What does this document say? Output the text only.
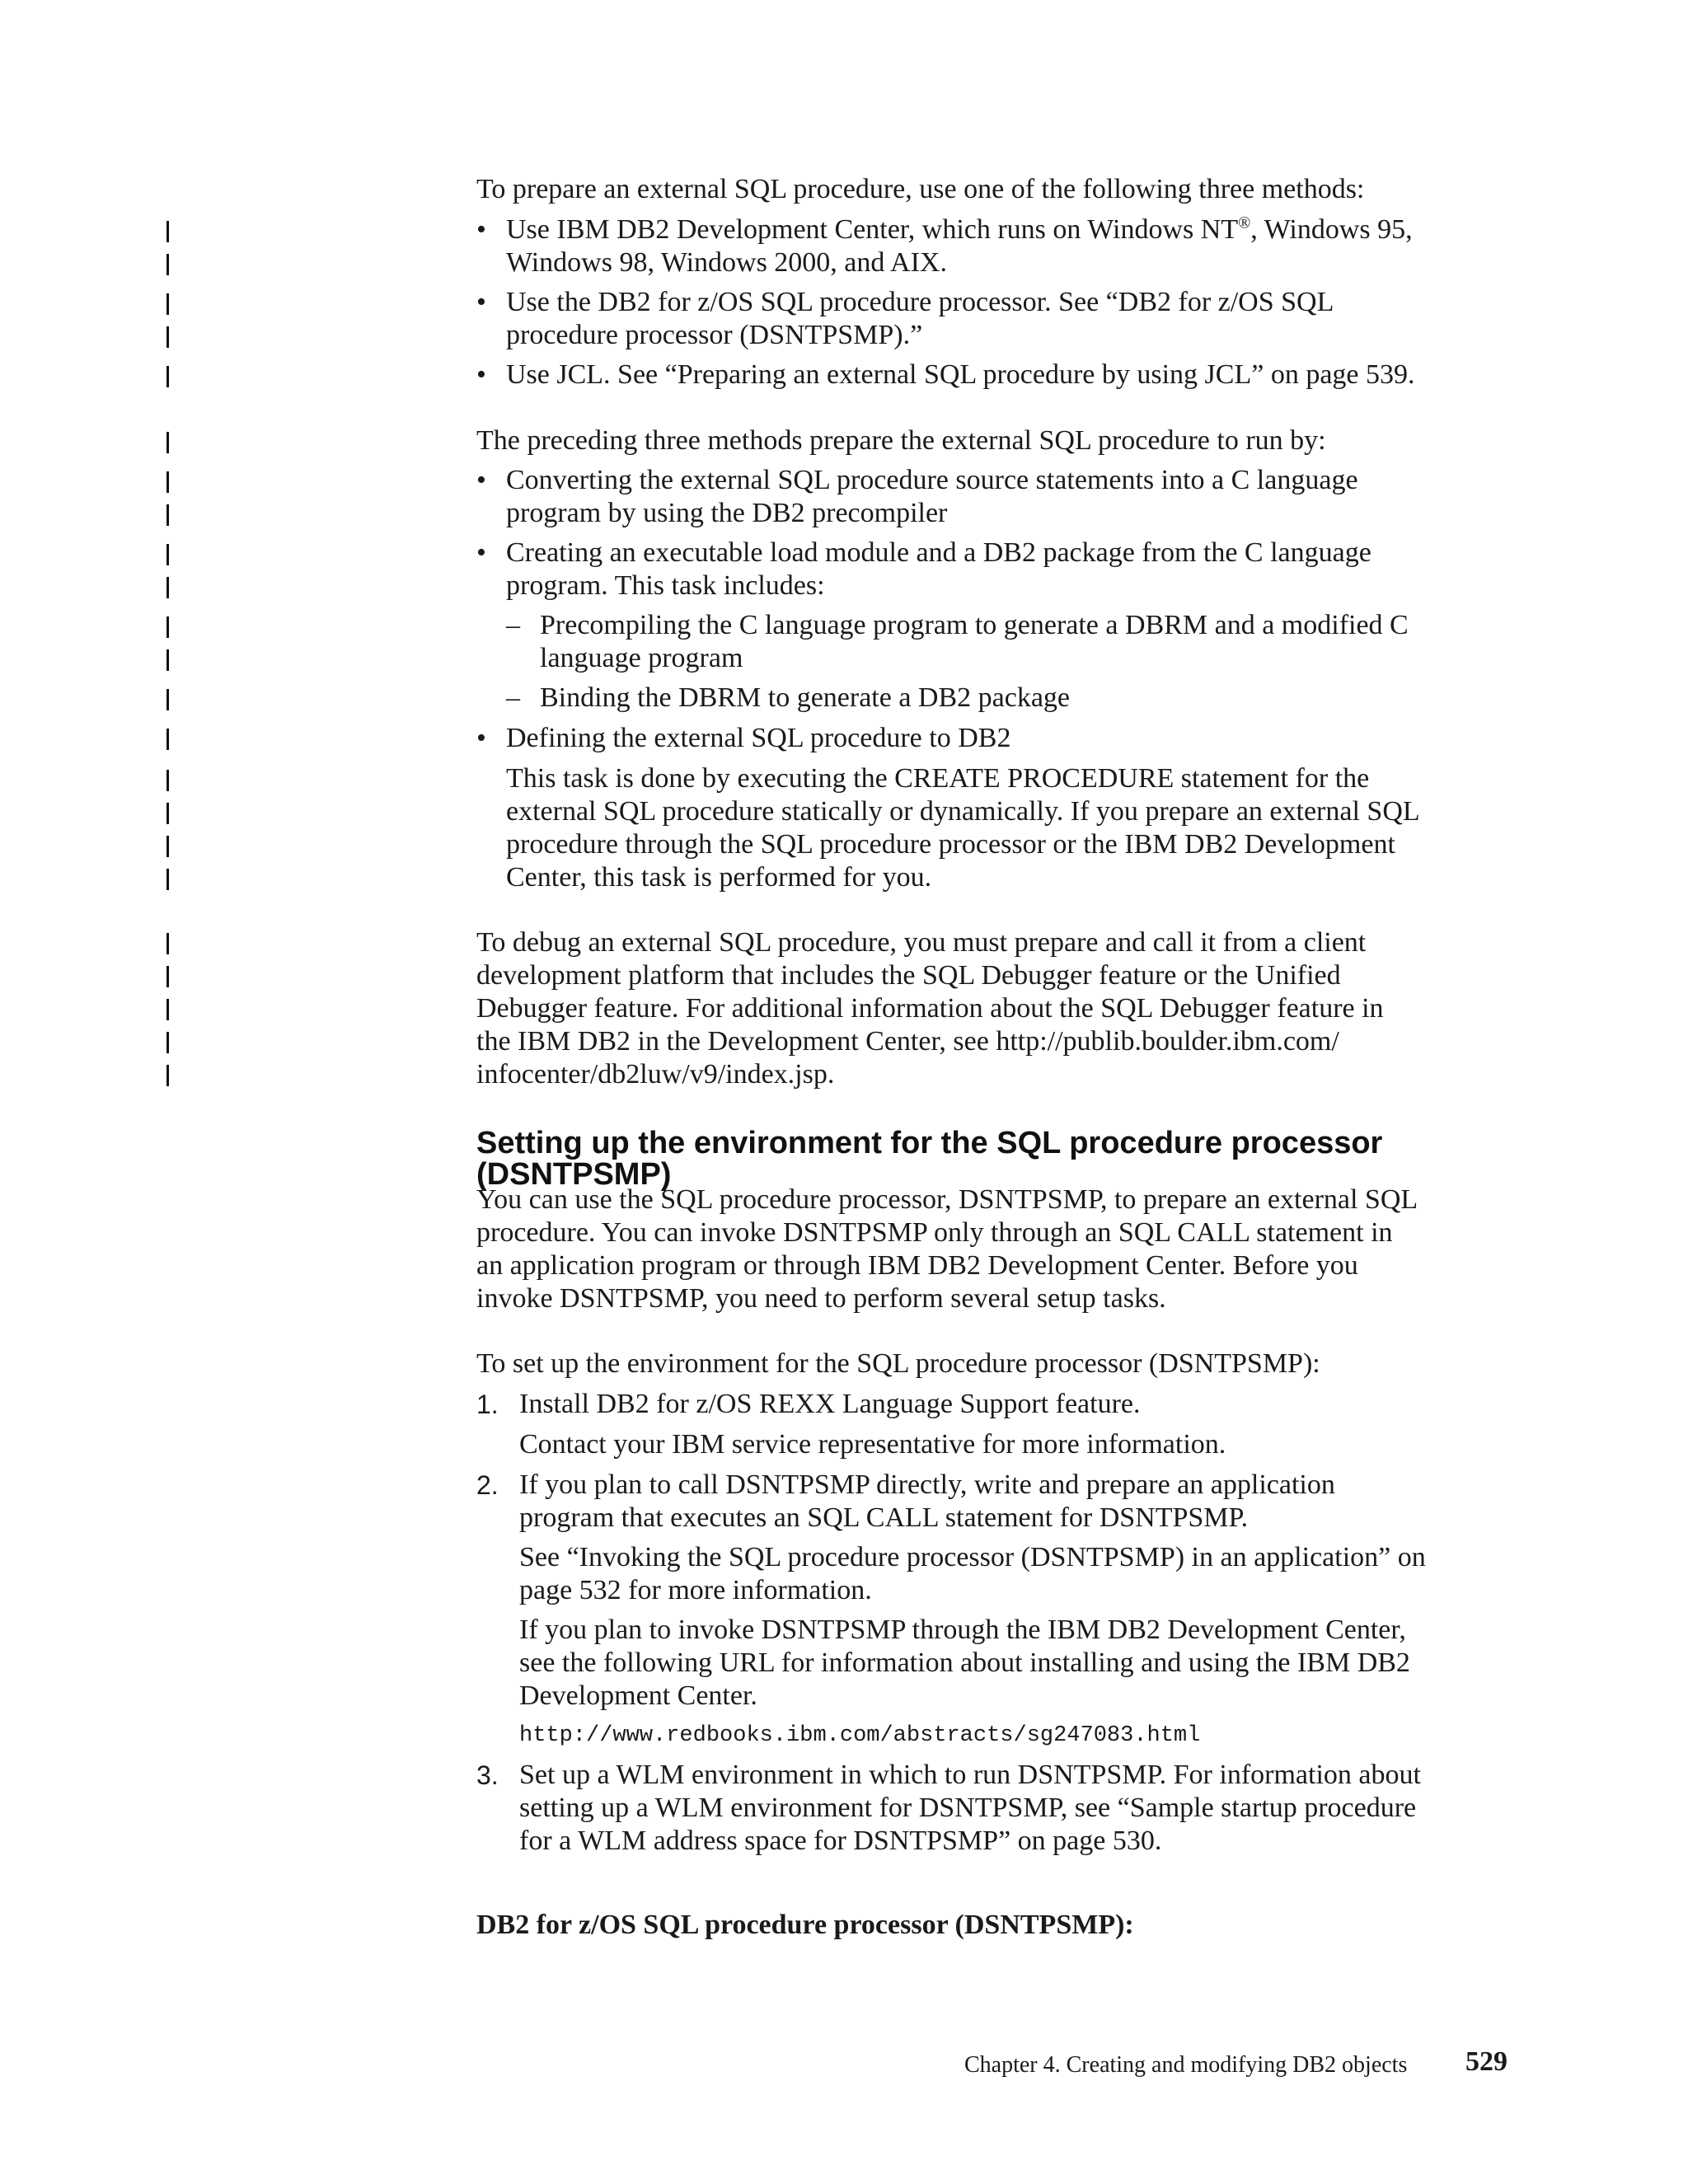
To prepare an external SQL procedure, use one of the following three methods:

• Use IBM DB2 Development Center, which runs on Windows NT®, Windows 95,
Windows 98, Windows 2000, and AIX.
• Use the DB2 for z/OS SQL procedure processor. See “DB2 for z/OS SQL
procedure processor (DSNTPSMP).”
• Use JCL. See “Preparing an external SQL procedure by using JCL” on page 539.

The preceding three methods prepare the external SQL procedure to run by:

• Converting the external SQL procedure source statements into a C language
program by using the DB2 precompiler
• Creating an executable load module and a DB2 package from the C language
program. This task includes:
– Precompiling the C language program to generate a DBRM and a modified C
language program
– Binding the DBRM to generate a DB2 package
• Defining the external SQL procedure to DB2
This task is done by executing the CREATE PROCEDURE statement for the
external SQL procedure statically or dynamically. If you prepare an external SQL
procedure through the SQL procedure processor or the IBM DB2 Development
Center, this task is performed for you.

To debug an external SQL procedure, you must prepare and call it from a client
development platform that includes the SQL Debugger feature or the Unified
Debugger feature. For additional information about the SQL Debugger feature in
the IBM DB2 in the Development Center, see http://publib.boulder.ibm.com/
infocenter/db2luw/v9/index.jsp.

Setting up the environment for the SQL procedure processor
(DSNTPSMP)

You can use the SQL procedure processor, DSNTPSMP, to prepare an external SQL
procedure. You can invoke DSNTPSMP only through an SQL CALL statement in
an application program or through IBM DB2 Development Center. Before you
invoke DSNTPSMP, you need to perform several setup tasks.

To set up the environment for the SQL procedure processor (DSNTPSMP):

1. Install DB2 for z/OS REXX Language Support feature.
Contact your IBM service representative for more information.
2. If you plan to call DSNTPSMP directly, write and prepare an application
program that executes an SQL CALL statement for DSNTPSMP.
See “Invoking the SQL procedure processor (DSNTPSMP) in an application” on
page 532 for more information.
If you plan to invoke DSNTPSMP through the IBM DB2 Development Center,
see the following URL for information about installing and using the IBM DB2
Development Center.
http://www.redbooks.ibm.com/abstracts/sg247083.html
3. Set up a WLM environment in which to run DSNTPSMP. For information about
setting up a WLM environment for DSNTPSMP, see “Sample startup procedure
for a WLM address space for DSNTPSMP” on page 530.
DB2 for z/OS SQL procedure processor (DSNTPSMP):
Chapter 4. Creating and modifying DB2 objects 529
